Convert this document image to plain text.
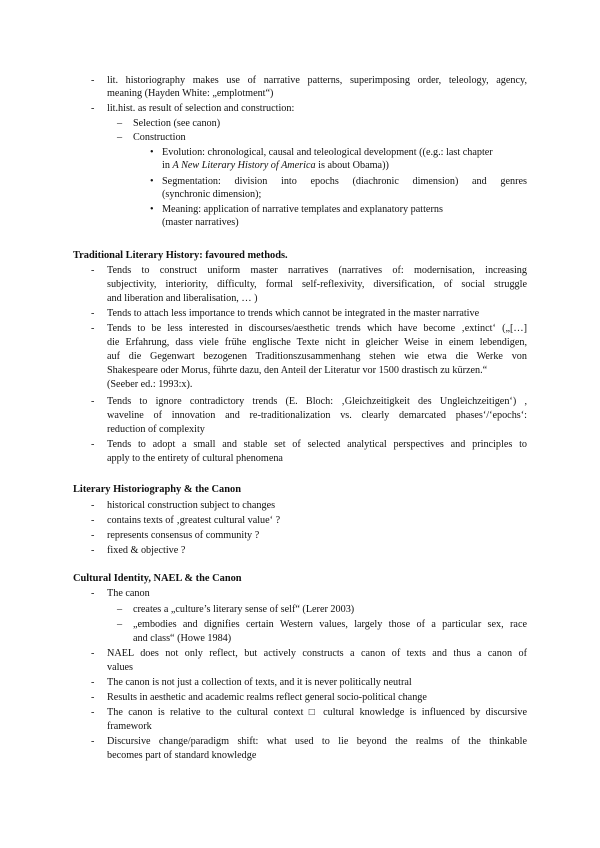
- lit. historiography makes use of narrative patterns, superimposing order, teleology, agency,
meaning (Hayden White: „emplotment“)
- lit.hist. as result of selection and construction:
– Selection (see canon)
– Construction
• Evolution: chronological, causal and teleological development ((e.g.: last chapter
in A New Literary History of America is about Obama))
• Segmentation: division into epochs (diachronic dimension) and genres
(synchronic dimension);
• Meaning: application of narrative templates and explanatory patterns
(master narratives)
Traditional Literary History: favoured methods.
- Tends to construct uniform master narratives (narratives of: modernisation, increasing
subjectivity, interiority, difficulty, formal self-reflexivity, diversification, of social struggle
and liberation and liberalisation, … )
- Tends to attach less importance to trends which cannot be integrated in the master narrative
- Tends to be less interested in discourses/aesthetic trends which have become ‚extinct‘ („[…]
die Erfahrung, dass viele frühe englische Texte nicht in gleicher Weise in einem lebendigen,
auf die Gegenwart bezogenen Traditionszusammenhang stehen wie etwa die Werke von
Shakespeare oder Morus, führte dazu, den Anteil der Literatur vor 1500 drastisch zu kürzen.“
(Seeber ed.: 1993:x).
- Tends to ignore contradictory trends (E. Bloch: ‚Gleichzeitigkeit des Ungleichzeitigen‘) ,
waveline of innovation and re-traditionalization vs. clearly demarcated phases‘/‘epochs‘:
reduction of complexity
- Tends to adopt a small and stable set of selected analytical perspectives and principles to
apply to the entirety of cultural phenomena
Literary Historiography & the Canon
- historical construction subject to changes
- contains texts of ‚greatest cultural value‘ ?
- represents consensus of community ?
- fixed & objective ?
Cultural Identity, NAEL & the Canon
- The canon
– creates a „culture’s literary sense of self“ (Lerer 2003)
– „embodies and dignifies certain Western values, largely those of a particular sex, race
and class“ (Howe 1984)
- NAEL does not only reflect, but actively constructs a canon of texts and thus a canon of
values
- The canon is not just a collection of texts, and it is never politically neutral
- Results in aesthetic and academic realms reflect general socio-political change
- The canon is relative to the cultural context □ cultural knowledge is influenced by discursive
framework
- Discursive change/paradigm shift: what used to lie beyond the realms of the thinkable
becomes part of standard knowledge
